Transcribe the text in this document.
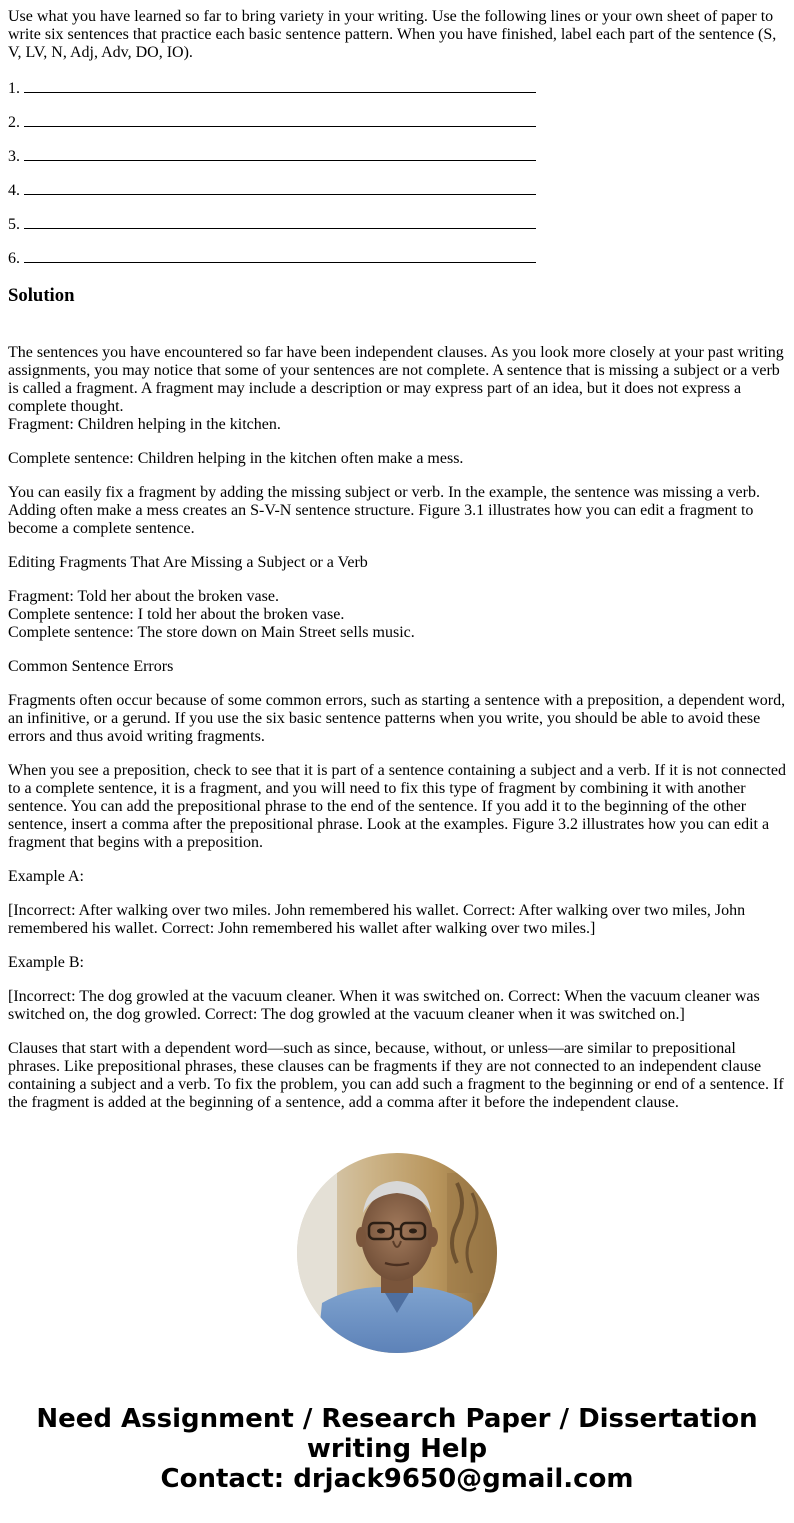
Use what you have learned so far to bring variety in your writing. Use the following lines or your own sheet of paper to write six sentences that practice each basic sentence pattern. When you have finished, label each part of the sentence (S, V, LV, N, Adj, Adv, DO, IO).

1.
2.
3.
4.
5.
6.
Solution

The sentences you have encountered so far have been independent clauses. As you look more closely at your past writing assignments, you may notice that some of your sentences are not complete. A sentence that is missing a subject or a verb is called a fragment. A fragment may include a description or may express part of an idea, but it does not express a complete thought.
Fragment: Children helping in the kitchen.

Complete sentence: Children helping in the kitchen often make a mess.

You can easily fix a fragment by adding the missing subject or verb. In the example, the sentence was missing a verb. Adding often make a mess creates an S-V-N sentence structure. Figure 3.1 illustrates how you can edit a fragment to become a complete sentence.

Editing Fragments That Are Missing a Subject or a Verb

Fragment: Told her about the broken vase.
Complete sentence: I told her about the broken vase.
Complete sentence: The store down on Main Street sells music.

Common Sentence Errors

Fragments often occur because of some common errors, such as starting a sentence with a preposition, a dependent word, an infinitive, or a gerund. If you use the six basic sentence patterns when you write, you should be able to avoid these errors and thus avoid writing fragments.

When you see a preposition, check to see that it is part of a sentence containing a subject and a verb. If it is not connected to a complete sentence, it is a fragment, and you will need to fix this type of fragment by combining it with another sentence. You can add the prepositional phrase to the end of the sentence. If you add it to the beginning of the other sentence, insert a comma after the prepositional phrase. Look at the examples. Figure 3.2 illustrates how you can edit a fragment that begins with a preposition.

Example A:

[Incorrect: After walking over two miles. John remembered his wallet. Correct: After walking over two miles, John remembered his wallet. Correct: John remembered his wallet after walking over two miles.]

Example B:

[Incorrect: The dog growled at the vacuum cleaner. When it was switched on. Correct: When the vacuum cleaner was switched on, the dog growled. Correct: The dog growled at the vacuum cleaner when it was switched on.]

Clauses that start with a dependent word—such as since, because, without, or unless—are similar to prepositional phrases. Like prepositional phrases, these clauses can be fragments if they are not connected to an independent clause containing a subject and a verb. To fix the problem, you can add such a fragment to the beginning or end of a sentence. If the fragment is added at the beginning of a sentence, add a comma after it before the independent clause.

Need Assignment / Research Paper / Dissertation writing Help
Contact: drjack9650@gmail.com
